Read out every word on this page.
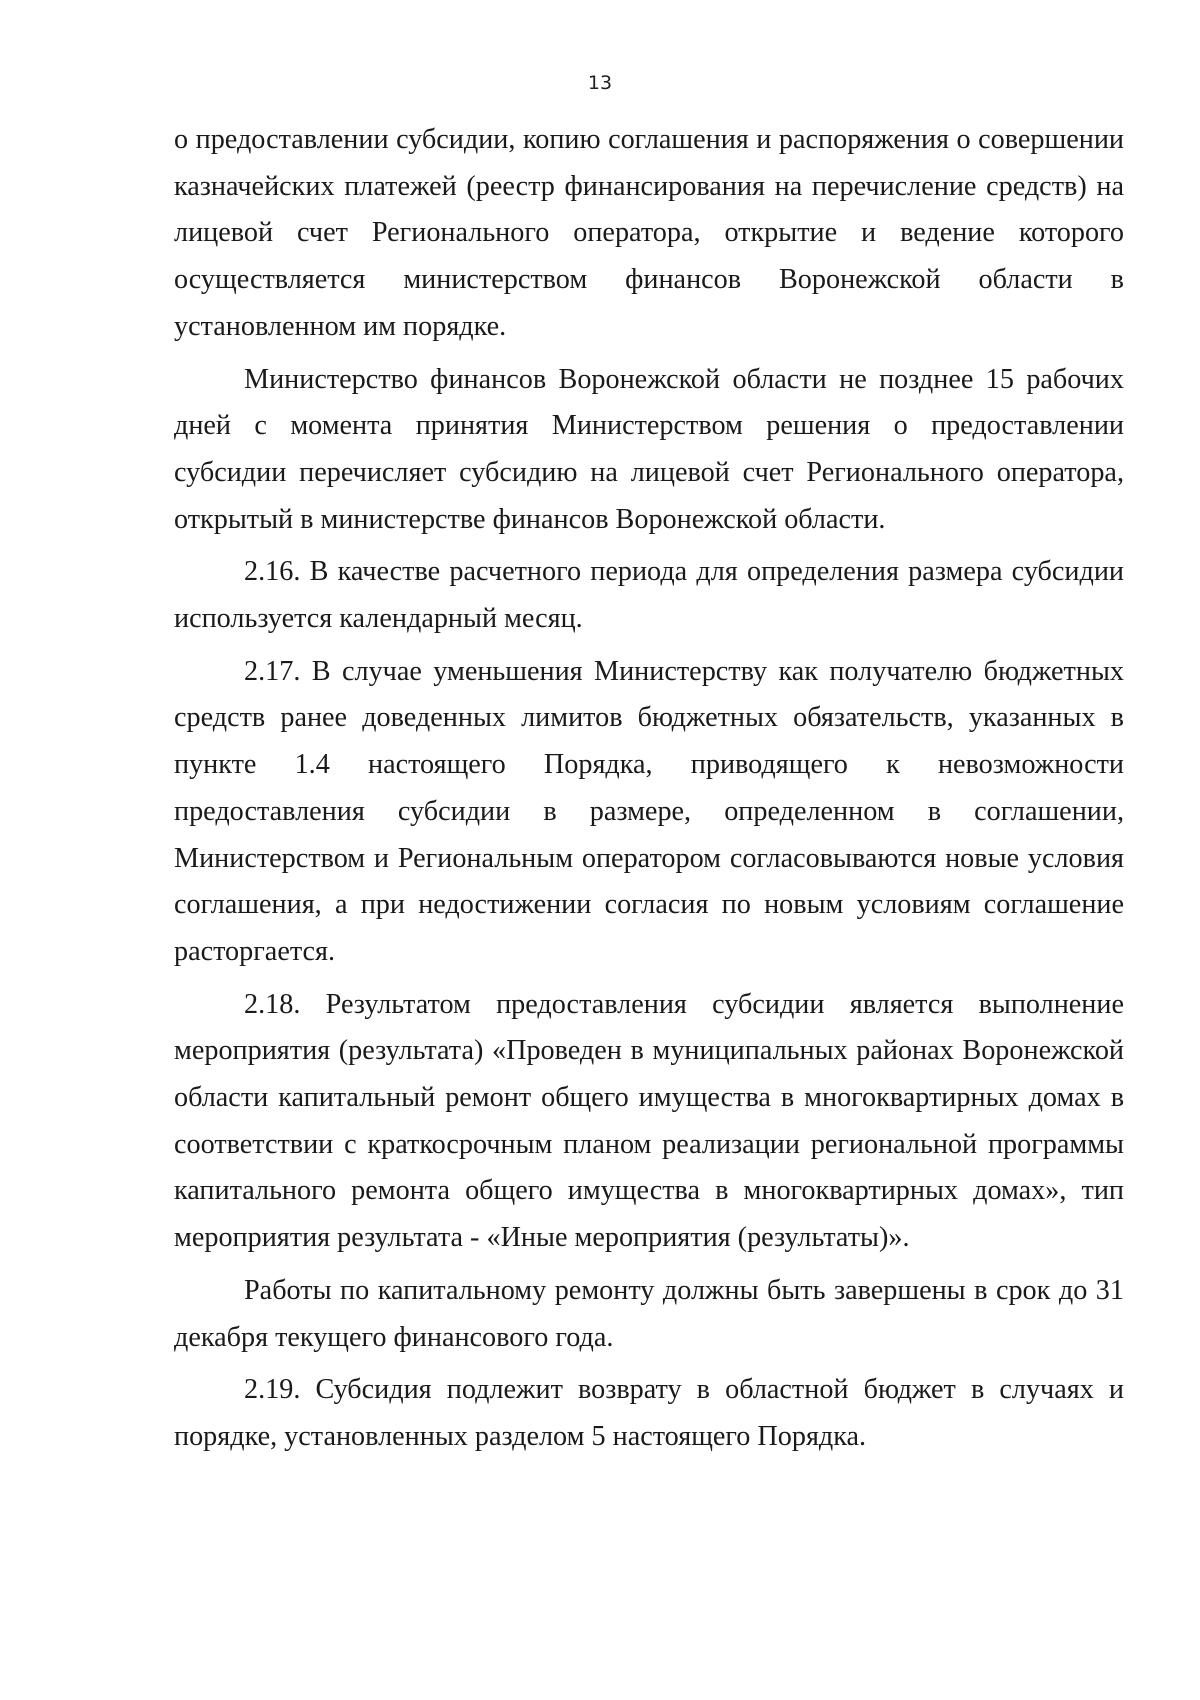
13

о предоставлении субсидии, копию соглашения и распоряжения о совершении казначейских платежей (реестр финансирования на перечисление средств) на лицевой счет Регионального оператора, открытие и ведение которого осуществляется министерством финансов Воронежской области в установленном им порядке.

Министерство финансов Воронежской области не позднее 15 рабочих дней с момента принятия Министерством решения о предоставлении субсидии перечисляет субсидию на лицевой счет Регионального оператора, открытый в министерстве финансов Воронежской области.

2.16. В качестве расчетного периода для определения размера субсидии используется календарный месяц.

2.17. В случае уменьшения Министерству как получателю бюджетных средств ранее доведенных лимитов бюджетных обязательств, указанных в пункте 1.4 настоящего Порядка, приводящего к невозможности предоставления субсидии в размере, определенном в соглашении, Министерством и Региональным оператором согласовываются новые условия соглашения, а при недостижении согласия по новым условиям соглашение расторгается.

2.18. Результатом предоставления субсидии является выполнение мероприятия (результата) «Проведен в муниципальных районах Воронежской области капитальный ремонт общего имущества в многоквартирных домах в соответствии с краткосрочным планом реализации региональной программы капитального ремонта общего имущества в многоквартирных домах», тип мероприятия результата - «Иные мероприятия (результаты)».

Работы по капитальному ремонту должны быть завершены в срок до 31 декабря текущего финансового года.

2.19. Субсидия подлежит возврату в областной бюджет в случаях и порядке, установленных разделом 5 настоящего Порядка.
